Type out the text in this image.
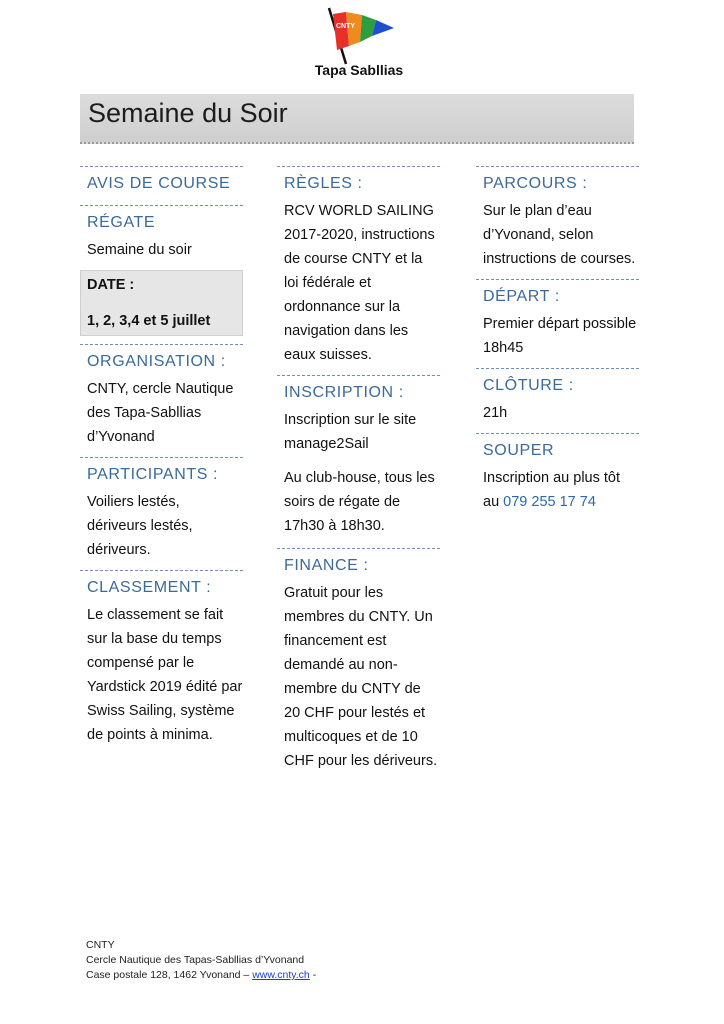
CNTY
Tapa Sabllias
Semaine du Soir
AVIS DE COURSE
RÉGATE
Semaine du soir
DATE :
1, 2, 3,4 et 5 juillet
ORGANISATION :
CNTY, cercle Nautique des Tapa-Sabllias d’Yvonand
PARTICIPANTS :
Voiliers lestés, dériveurs lestés, dériveurs.
CLASSEMENT :
Le classement se fait sur la base du temps compensé par le Yardstick 2019 édité par Swiss Sailing, système de points à minima.
RÈGLES :
RCV WORLD SAILING 2017-2020, instructions de course CNTY et la loi fédérale et ordonnance sur la navigation dans les eaux suisses.
INSCRIPTION :

Inscription sur le site manage2Sail

Au club-house, tous les soirs de régate de 17h30 à 18h30.

FINANCE :
Gratuit pour les membres du CNTY. Un financement est demandé au non-membre du CNTY de 20 CHF pour lestés et multicoques et de 10 CHF pour les dériveurs.
PARCOURS :
Sur le plan d’eau d’Yvonand, selon instructions de courses.
DÉPART :
Premier départ possible 18h45
CLÔTURE :
21h
SOUPER
Inscription au plus tôt au 079 255 17 74
CNTY
Cercle Nautique des Tapas-Sabllias d’Yvonand
Case postale 128, 1462 Yvonand – www.cnty.ch -
